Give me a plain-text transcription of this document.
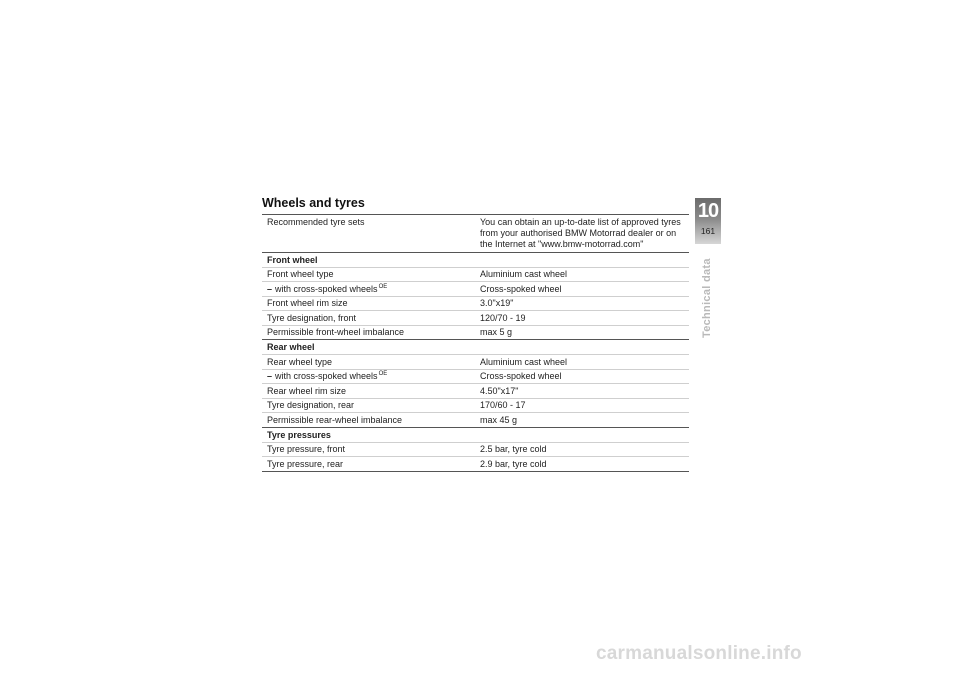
Wheels and tyres
Recommended tyre sets	You can obtain an up-to-date list of approved tyres from your authorised BMW Motorrad dealer or on the Internet at "www.bmw-motorrad.com"
Front wheel
Front wheel type	Aluminium cast wheel
– with cross-spoked wheels$^{OE}$	Cross-spoked wheel
Front wheel rim size	3.0"x19"
Tyre designation, front	120/70 - 19
Permissible front-wheel imbalance	max 5 g
Rear wheel
Rear wheel type	Aluminium cast wheel
– with cross-spoked wheels$^{OE}$	Cross-spoked wheel
Rear wheel rim size	4.50"x17"
Tyre designation, rear	170/60 - 17
Permissible rear-wheel imbalance	max 45 g
Tyre pressures
Tyre pressure, front	2.5 bar, tyre cold
Tyre pressure, rear	2.9 bar, tyre cold
10
161
Technical data
carmanualsonline.info
